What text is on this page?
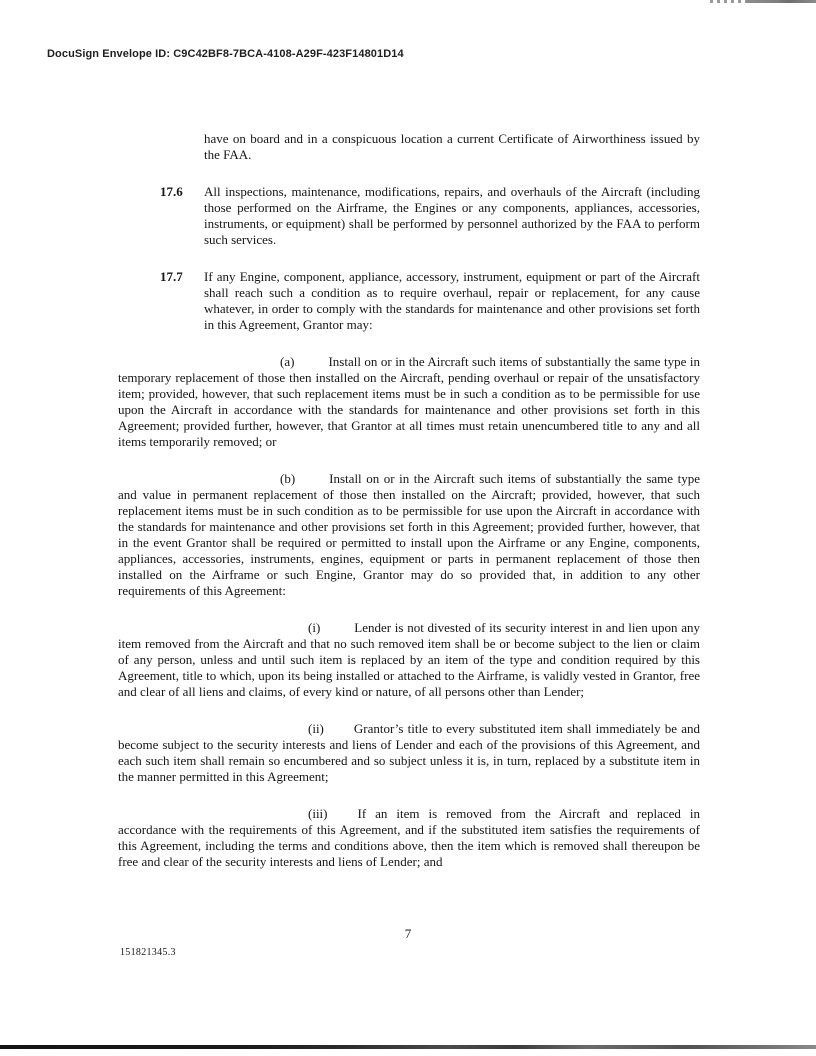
DocuSign Envelope ID: C9C42BF8-7BCA-4108-A29F-423F14801D14

have on board and in a conspicuous location a current Certificate of Airworthiness issued by the FAA.

17.6	All inspections, maintenance, modifications, repairs, and overhauls of the Aircraft (including those performed on the Airframe, the Engines or any components, appliances, accessories, instruments, or equipment) shall be performed by personnel authorized by the FAA to perform such services.
17.7	If any Engine, component, appliance, accessory, instrument, equipment or part of the Aircraft shall reach such a condition as to require overhaul, repair or replacement, for any cause whatever, in order to comply with the standards for maintenance and other provisions set forth in this Agreement, Grantor may:

(a)	Install on or in the Aircraft such items of substantially the same type in temporary replacement of those then installed on the Aircraft, pending overhaul or repair of the unsatisfactory item; provided, however, that such replacement items must be in such a condition as to be permissible for use upon the Aircraft in accordance with the standards for maintenance and other provisions set forth in this Agreement; provided further, however, that Grantor at all times must retain unencumbered title to any and all items temporarily removed; or

(b)	Install on or in the Aircraft such items of substantially the same type and value in permanent replacement of those then installed on the Aircraft; provided, however, that such replacement items must be in such condition as to be permissible for use upon the Aircraft in accordance with the standards for maintenance and other provisions set forth in this Agreement; provided further, however, that in the event Grantor shall be required or permitted to install upon the Airframe or any Engine, components, appliances, accessories, instruments, engines, equipment or parts in permanent replacement of those then installed on the Airframe or such Engine, Grantor may do so provided that, in addition to any other requirements of this Agreement:

(i)	Lender is not divested of its security interest in and lien upon any item removed from the Aircraft and that no such removed item shall be or become subject to the lien or claim of any person, unless and until such item is replaced by an item of the type and condition required by this Agreement, title to which, upon its being installed or attached to the Airframe, is validly vested in Grantor, free and clear of all liens and claims, of every kind or nature, of all persons other than Lender;

(ii) Grantor’s title to every substituted item shall immediately be and become subject to the security interests and liens of Lender and each of the provisions of this Agreement, and each such item shall remain so encumbered and so subject unless it is, in turn, replaced by a substitute item in the manner permitted in this Agreement;

(iii) If an item is removed from the Aircraft and replaced in accordance with the requirements of this Agreement, and if the substituted item satisfies the requirements of this Agreement, including the terms and conditions above, then the item which is removed shall thereupon be free and clear of the security interests and liens of Lender; and

7
151821345.3
